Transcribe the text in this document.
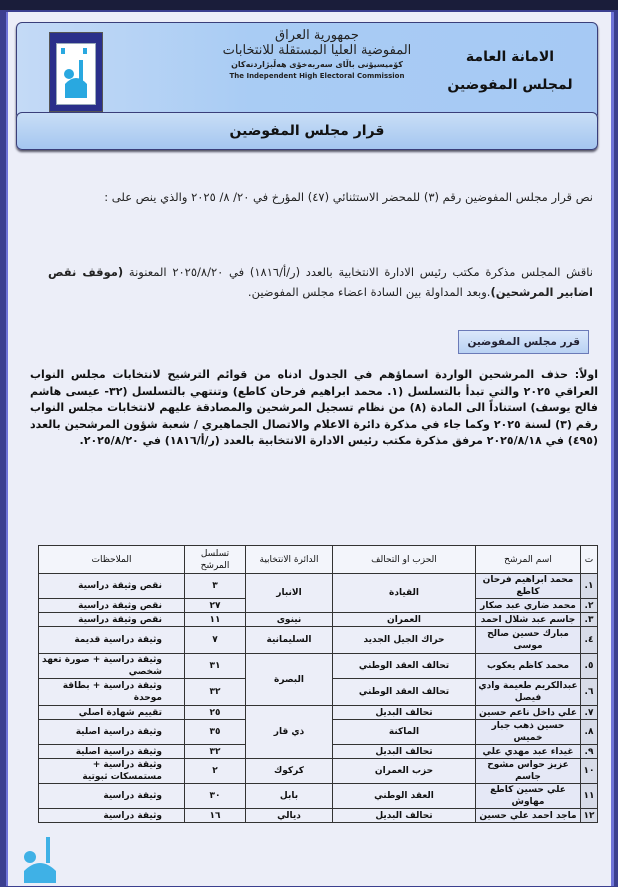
جمهورية العراق
المفوضية العليا المستقلة للانتخابات
كۆمیسیۆنی باڵای سەربەخۆی هەڵبژاردنەکان
The Independent High Electoral Commission
الامانة العامة
لمجلس المفوضين
قرار مجلس المفوضين
نص قرار مجلس المفوضين رقم (٣) للمحضر الاستثنائي (٤٧) المؤرخ في ٢٠/ ٨/ ٢٠٢٥ والذي ينص على :
ناقش المجلس مذكرة مكتب رئيس الادارة الانتخابية بالعدد (ر/أ/١٨١٦) في ٢٠٢٥/٨/٢٠ المعنونة (موقف نقص اضابير المرشحين).وبعد المداولة بين السادة اعضاء مجلس المفوضين.
قرر مجلس المفوضين
اولاً: حذف المرشحين الواردة اسماؤهم في الجدول ادناه من قوائم الترشيح لانتخابات مجلس النواب العراقي ٢٠٢٥ والتي تبدأ بالتسلسل (١. محمد ابراهيم فرحان كاطع) وتنتهي بالتسلسل (٣٢- عيسى هاشم فالح يوسف) استناداً الى المادة (٨) من نظام تسجيل المرشحين والمصادقة عليهم لانتخابات مجلس النواب رقم (٣) لسنة ٢٠٢٥ وكما جاء في مذكرة دائرة الاعلام والاتصال الجماهيري / شعبة شؤون المرشحين بالعدد (٤٩٥) في ٢٠٢٥/٨/١٨ مرفق مذكرة مكتب رئيس الادارة الانتخابية بالعدد (ر/أ/١٨١٦) في ٢٠٢٥/٨/٢٠.
ت	اسم المرشح	الحزب او التحالف	الدائرة الانتخابية	تسلسل المرشح	الملاحظات
١.	محمد ابراهيم فرحان كاطع	القيادة	الانبار	٣	نقص وثيقة دراسية
٢.	محمد ضاري عبد صكار			٢٧	نقص وثيقة دراسية
٣.	جاسم عبد شلال احمد	العمران	نينوى	١١	نقص وثيقة دراسية
٤.	مبارك حسين صالح موسى	حراك الجيل الجديد	السليمانية	٧	وثيقة دراسية قديمة
٥.	محمد كاظم يعكوب	تحالف العقد الوطني	البصرة	٣١	وثيقة دراسية + صورة تعهد شخصي
٦.	عبدالكريم طعيمة وادي فيصل	تحالف العقد الوطني		٣٢	وثيقة دراسية + بطاقة موحدة
٧.	علي داخل ناعم حسين	تحالف البديل	ذي قار	٢٥	تقييم شهادة اصلي
٨.	حسين ذهب جبار خميس	الماكنة		٣٥	وثيقة دراسية اصلية
٩.	غيداء عبد مهدي علي	تحالف البديل		٣٢	وثيقة دراسية اصلية
١٠	عزيز حواس مشوح جاسم	حزب العمران	كركوك	٢	وثيقة دراسية + مستمسكات ثبوتية
١١	علي حسين كاطع مهاوش	العقد الوطني	بابل	٣٠	وثيقة دراسية
١٢	ماجد احمد علي حسين	تحالف البديل	ديالي	١٦	وثيقة دراسية
